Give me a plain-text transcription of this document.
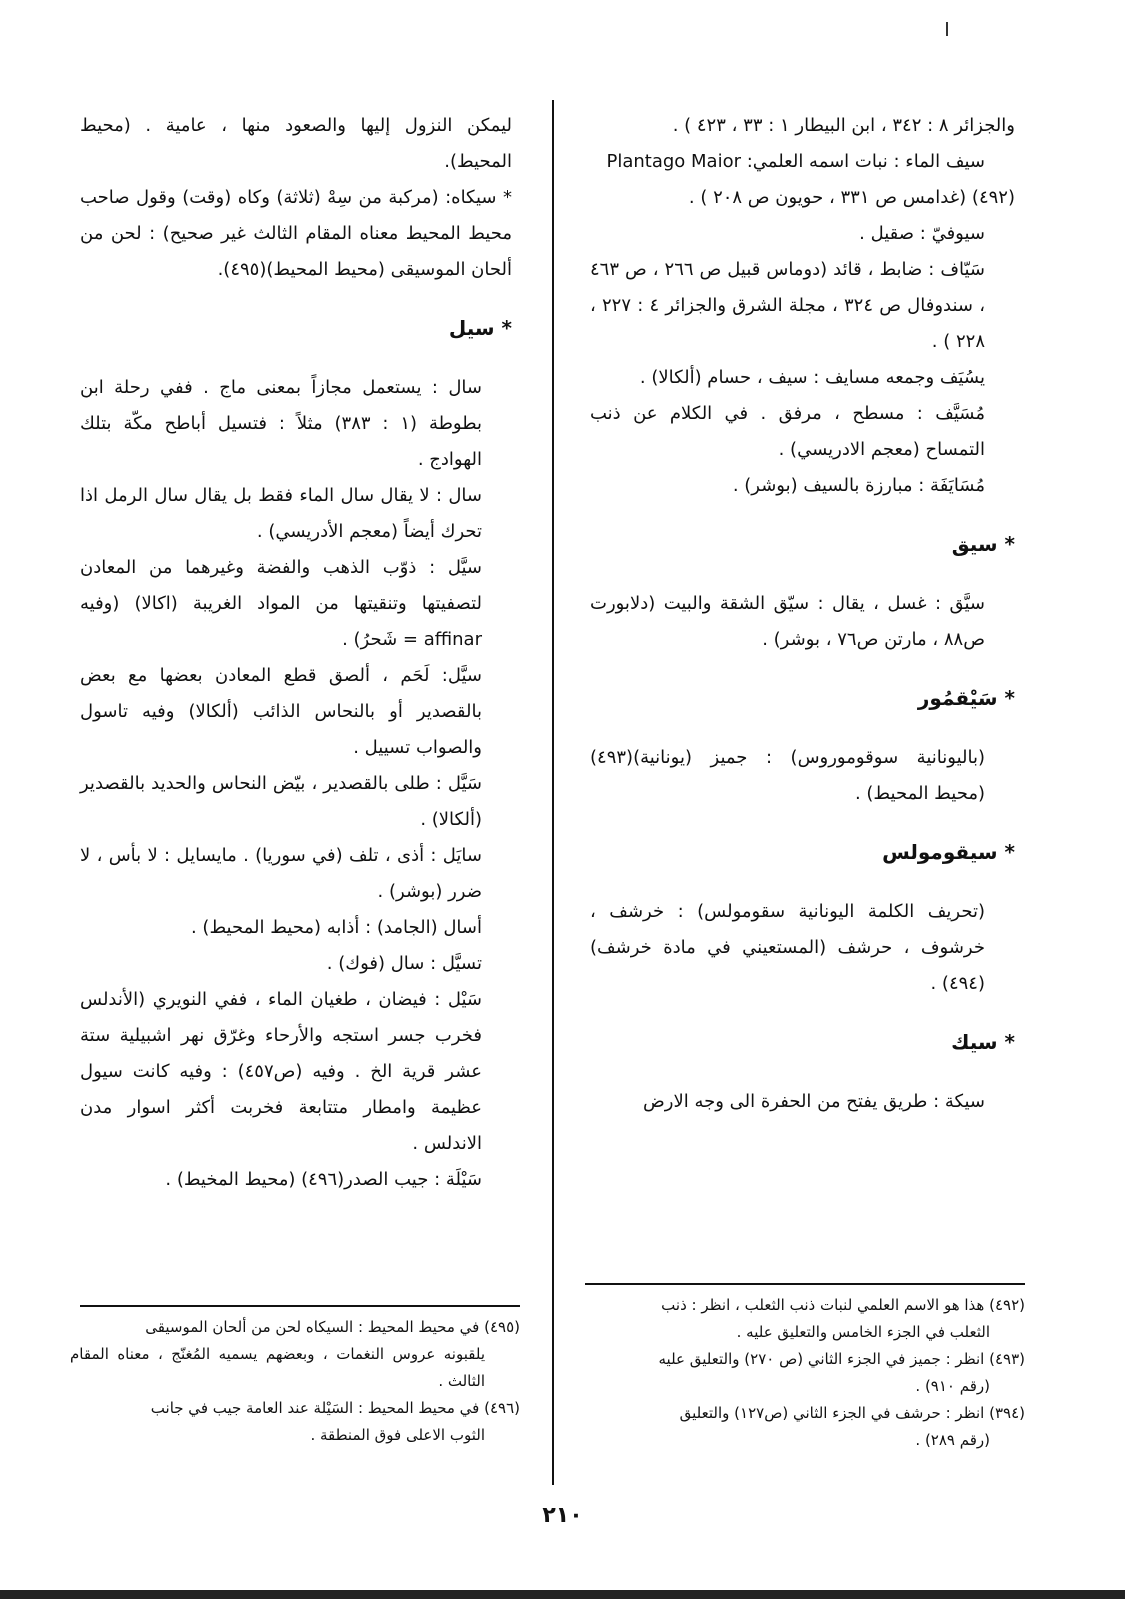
والجزائر ٨ : ٣٤٢ ، ابن البيطار ١ : ٣٣ ، ٤٢٣ ) .

سيف الماء : نبات اسمه العلمي: Plantago Maior

(٤٩٢) (غدامس ص ٣٣١ ، حويون ص ٢٠٨ ) .

سيوفيّ : صقيل .

سَيّاف : ضابط ، قائد (دوماس قبيل ص ٢٦٦ ، ص ٤٦٣ ، سندوفال ص ٣٢٤ ، مجلة الشرق والجزائر ٤ : ٢٢٧ ، ٢٢٨ ) .

يسُيَف وجمعه مسايف : سيف ، حسام (ألكالا) .

مُسَيَّف : مسطح ، مرفق . في الكلام عن ذنب التمساح (معجم الادريسي) .

مُسَايَفَة : مبارزة بالسيف (بوشر) .

* سيق

سيَّق : غسل ، يقال : سيّق الشقة والبيت (دلابورت ص٨٨ ، مارتن ص٧٦ ، بوشر) .

* سَيْقمُور

(باليونانية سوقوموروس) : جميز (يونانية)(٤٩٣) (محيط المحيط) .

* سيقومولس

(تحريف الكلمة اليونانية سقومولس) : خرشف ، خرشوف ، حرشف (المستعيني في مادة خرشف)(٤٩٤) .

* سيك

سيكة : طريق يفتح من الحفرة الى وجه الارض

ليمكن النزول إليها والصعود منها ، عامية . (محيط المحيط).

* سيكاه: (مركبة من سِهْ (ثلاثة) وكاه (وقت) وقول صاحب محيط المحيط معناه المقام الثالث غير صحيح) : لحن من ألحان الموسيقى (محيط المحيط)(٤٩٥).

* سيل

سال : يستعمل مجازاً بمعنى ماج . ففي رحلة ابن بطوطة (١ : ٣٨٣) مثلاً : فتسيل أباطح مكّة بتلك الهوادج .

سال : لا يقال سال الماء فقط بل يقال سال الرمل اذا تحرك أيضاً (معجم الأدريسي) .

سيَّل : ذوّب الذهب والفضة وغيرهما من المعادن لتصفيتها وتنقيتها من المواد الغريبة (اكالا) (وفيه affinar = شَحرُ) .

سيَّل: لَحَم ، ألصق قطع المعادن بعضها مع بعض بالقصدير أو بالنحاس الذائب (ألكالا) وفيه تاسول والصواب تسييل .

سَيَّل : طلى بالقصدير ، بيّض النحاس والحديد بالقصدير (ألكالا) .

سايَل : أذى ، تلف (في سوريا) . مايسايل : لا بأس ، لا ضرر (بوشر) .

أسال (الجامد) : أذابه (محيط المحيط) .

تسيَّل : سال (فوك) .

سَيْل : فيضان ، طغيان الماء ، ففي النويري (الأندلس فخرب جسر استجه والأرحاء وغرّق نهر اشبيلية ستة عشر قرية الخ . وفيه (ص٤٥٧) : وفيه كانت سيول عظيمة وامطار متتابعة فخربت أكثر اسوار مدن الاندلس .

سَيْلَة : جيب الصدر(٤٩٦) (محيط المخيط) .

(٤٩٢) هذا هو الاسم العلمي لنبات ذنب الثعلب ، انظر : ذنب

الثعلب في الجزء الخامس والتعليق عليه .

(٤٩٣) انظر : جميز في الجزء الثاني (ص ٢٧٠) والتعليق عليه

(رقم ٩١٠) .

(٣٩٤) انظر : حرشف في الجزء الثاني (ص١٢٧) والتعليق

(رقم ٢٨٩) .

(٤٩٥) في محيط المحيط : السيكاه لحن من ألحان الموسيقى

يلقبونه عروس النغمات ، وبعضهم يسميه المُغنّج ، معناه المقام الثالث .

(٤٩٦) في محيط المحيط : السَيْلة عند العامة جيب في جانب

الثوب الاعلى فوق المنطقة .

٢١٠
